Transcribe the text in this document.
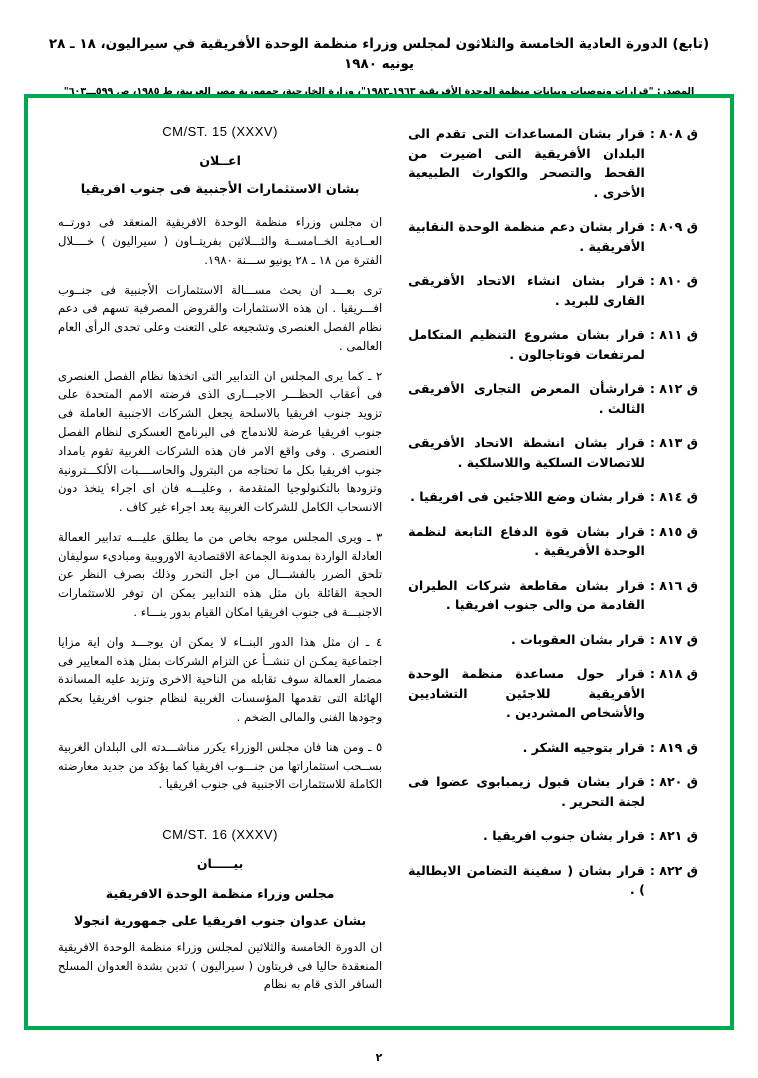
(تابع) الدورة العادية الخامسة والثلاثون لمجلس وزراء منظمة الوحدة الأفريقية في سيراليون، ١٨ ـ ٢٨ يونيه ١٩٨٠
المصدر: "قرارات وتوصيات وبيانات منظمة الوحدة الأفريقية ١٩٦٣ـ١٩٨٣"، وزارة الخارجية، جمهورية مصر العربية، ط ١٩٨٥، ص ٥٩٩ـــ٦٠٣"
ق ٨٠٨ :
قرار بشان المساعدات التى تقدم الى البلدان الأفريقية التى اضيرت من القحط والتصحر والكوارث الطبيعية الأخرى .
ق ٨٠٩ :
قرار بشان دعم منظمة الوحدة النقابية الأفريقية .
ق ٨١٠ :
قرار بشان انشاء الاتحاد الأفريقى القارى للبريد .
ق ٨١١ :
قرار بشان مشروع التنظيم المتكامل لمرتفعات فوتاجالون .
ق ٨١٢ :
قرارشأن المعرض التجارى الأفريقى الثالث .
ق ٨١٣ :
قرار بشان انشطة الاتحاد الأفريقى للاتصالات السلكية واللاسلكية .
ق ٨١٤ :
قرار بشان وضع اللاجئين فى افريقيا .
ق ٨١٥ :
قرار بشان قوة الدفاع التابعة لنظمة الوحدة الأفريقية .
ق ٨١٦ :
قرار بشان مقاطعة شركات الطيران القادمة من والى جنوب افريقيا .
ق ٨١٧ :
قرار بشان العقوبات .
ق ٨١٨ :
قرار حول مساعدة منظمة الوحدة الأفريقية للاجئين التشاديين والأشخاص المشردين .
ق ٨١٩ :
قرار بتوجيه الشكر .
ق ٨٢٠ :
قرار بشان قبول زيمبابوى عضوا فى لجنة التحرير .
ق ٨٢١ :
قرار بشان جنوب افريقيا .
ق ٨٢٢ :
قرار بشان ( سفينة التضامن الايطالية ) .
CM/ST. 15 (XXXV)
اعــلان
بشان الاستثمارات الأجنبية فى جنوب افريقيا
ان مجلس وزراء منظمة الوحدة الافريقية المنعقد فى دورتــه العــادية الخــامســة والثـــلاثين بفريتــاون ( سيراليون ) خــــلال الفترة من ١٨ ـ ٢٨ يونيو ســـنة ١٩٨٠.
ترى بعـــد ان بحث مســـالة الاستثمارات الأجنبية فى جنــوب افـــريقيا . ان هذه الاستثمارات والقروض المصرفية تسهم فى دعم نظام الفصل العنصرى وتشجيعه على التعنت وعلى تحدى الرأى العام العالمى .
٢ ـ كما يرى المجلس ان التدابير التى اتخذها نظام الفصل العنصرى فى أعقاب الحظـــر الاجبـــارى الذى فرضته الامم المتحدة على تزويد جنوب افريقيا بالاسلحة يجعل الشركات الاجنبية العاملة فى جنوب افريقيا عرضة للاندماج فى البرنامج العسكرى لنظام الفصل العنصرى . وفى واقع الامر فان هذه الشركات الغربية تقوم بامداد جنوب افريقيا بكل ما تحتاجه من البترول والحاســــبات الألكـــترونية وتزودها بالتكنولوجيا المتقدمة ، وعليـــه فان اى اجراء يتخذ دون الانسحاب الكامل للشركات الغربية يعد اجراء غير كاف .
٣ ـ ويرى المجلس موجه بخاص من ما يطلق عليـــه تدابير العمالة العادلة الواردة بمدونة الجماعة الاقتصادية الاوروبية ومبادىء سوليفان تلحق الضرر بالفشـــال من اجل التحرر وذلك بصرف النظر عن الحجة القائلة بان مثل هذه التدابير يمكن ان توفر للاستثمارات الاجنبـــة فى جنوب افريقيا امكان القيام بدور بنـــاء .
٤ ـ ان مثل هذا الدور البنــاء لا يمكن ان يوجـــد وان اية مزايا اجتماعية يمكـن ان تنشــأ عن التزام الشركات بمثل هذه المعايير فى مضمار العمالة سوف تقابله من الناحية الاخرى وتزيد عليه المساندة الهائلة التى تقدمها المؤسسات الغربية لنظام جنوب افريقيا بحكم وجودها الفنى والمالى الضخم .
٥ ـ ومن هنا فان مجلس الوزراء يكرر مناشـــدته الى البلدان الغربية بســحب استثماراتها من جنـــوب افريقيا كما يؤكد من جديد معارضته الكاملة للاستثمارات الاجنبية فى جنوب افريقيا .
CM/ST. 16 (XXXV)
بيـــــان
مجلس وزراء منظمة الوحدة الافريقية
بشان عدوان جنوب افريقيا على جمهورية انجولا
ان الدورة الخامسة والثلاثين لمجلس وزراء منظمة الوحدة الافريقية المنعقدة حاليا فى فريتاون ( سيراليون ) تدين بشدة العدوان المسلح السافر الذى قام به نظام
٢
